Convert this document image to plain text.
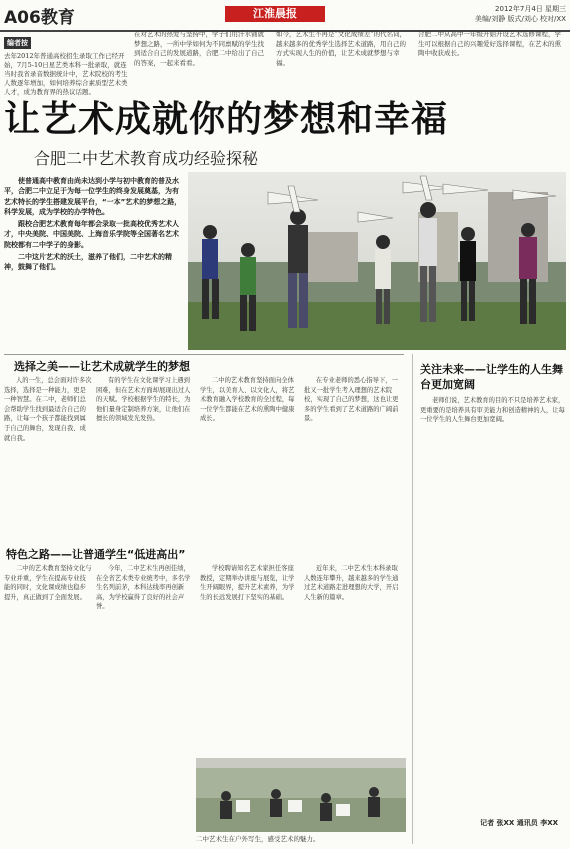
A06教育	江淮晨报	2012年7月4日 星期三
美编/刘静 版式/刘心 校对/XX
编者按
去年2012年普通高校招生录取工作已经开始，7月5-10日星艺类本科一批录取，就连当时我省录音数据统计中，艺术院校的考生人数逐年增加，如何培养综合素质型艺术类人才，成为教育界的热议话题。
在对艺术的热爱与坚持中，学子们用汗水铺就梦想之路，一所中学如何为不同禀赋的学生找到适合自己的发展道路，合肥二中给出了自己的答案，一起来看看。
如今，艺术生不再是“文化成绩差”的代名词，越来越多的优秀学生选择艺术道路，用自己的方式实现人生的价值，让艺术成就梦想与幸福。
合肥二中从高中一年级开始开设艺术选修课程，学生可以根据自己的兴趣爱好选择课程，在艺术的熏陶中收获成长。
让艺术成就你的梦想和幸福
合肥二中艺术教育成功经验探秘

使普通高中教育由尚未达到小学与初中教育的普及水平，合肥二中立足于为每一位学生的终身发展奠基，为有艺术特长的学生搭建发展平台，“一本”艺术的梦想之路，科学发展，成为学校的办学特色。

跟校合肥艺术教育每年都会录取一批高校优秀艺术人才，中央美院、中国美院、上海音乐学院等全国著名艺术院校都有二中学子的身影。

二中这片艺术的沃土，滋养了他们，二中艺术的精神，鼓舞了他们。

选择之美——让艺术成就学生的梦想
特色之路——让普通学生“低进高出”
关注未来——让学生的人生舞台更加宽阔

人的一生，总会面对许多次选择，选择是一种能力，更是一种智慧。在二中，老师们总会帮助学生找到最适合自己的路，让每一个孩子都能找到属于自己的舞台，发现自我、成就自我。

有的学生在文化课学习上遇到困难，但在艺术方面却展现出过人的天赋。学校根据学生的特长，为他们量身定制培养方案，让他们在擅长的领域发光发热。

二中的艺术教育坚持面向全体学生，以美育人、以文化人，将艺术教育融入学校教育的全过程，每一位学生都能在艺术的熏陶中健康成长。

在专业老师的悉心指导下，一批又一批学生考入理想的艺术院校，实现了自己的梦想，这也让更多的学生看到了艺术道路的广阔前景。

二中的艺术教育坚持文化与专业并重，学生在提高专业技能的同时，文化课成绩也稳步提升，真正做到了全面发展。

今年，二中艺术生再创佳绩，在全省艺术类专业统考中，多名学生名列前茅，本科达线率再创新高，为学校赢得了良好的社会声誉。

学校聘请知名艺术家担任客座教授，定期举办讲座与展览，让学生开阔眼界，提升艺术素养，为学生的长远发展打下坚实的基础。

近年来，二中艺术生本科录取人数连年攀升，越来越多的学生通过艺术道路走进理想的大学，开启人生新的篇章。

老师们说，艺术教育的目的不只是培养艺术家，更重要的是培养具有审美能力和创造精神的人，让每一位学生的人生舞台更加宽阔。

二中艺术生在户外写生，感受艺术的魅力。
记者 张XX 通讯员 李XX
